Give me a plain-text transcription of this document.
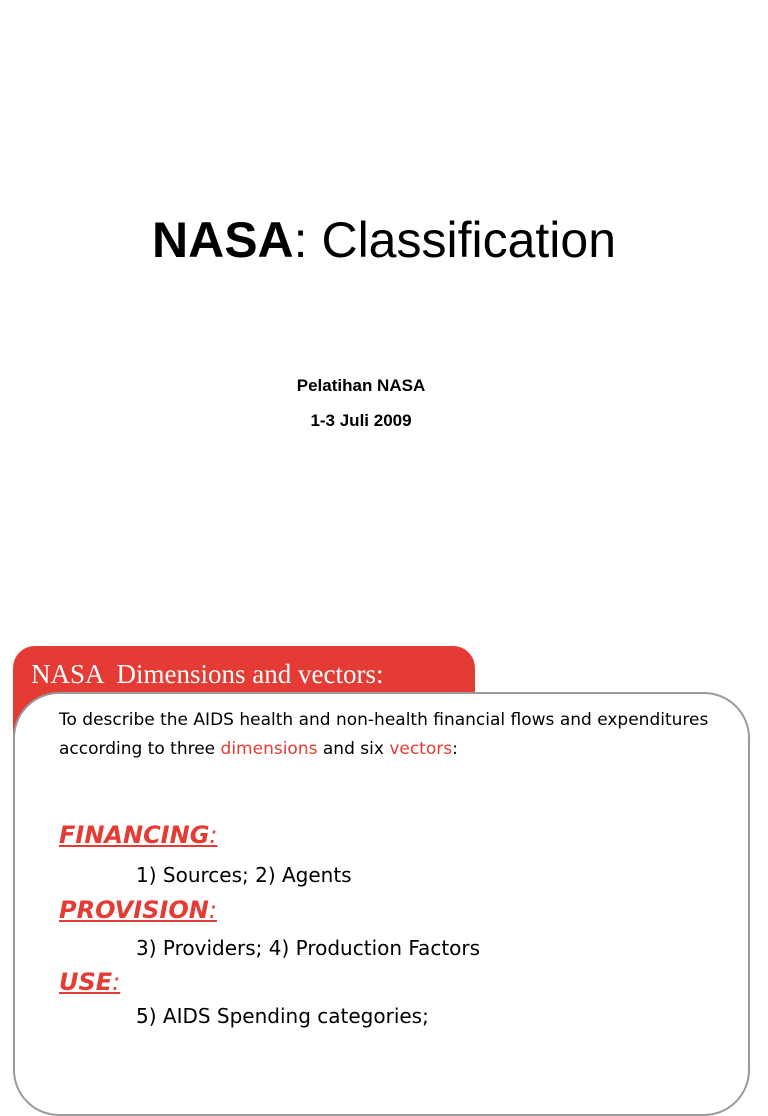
NASA: Classification
Pelatihan NASA
1-3 Juli 2009
NASA  Dimensions and vectors:
To describe the AIDS health and non-health financial flows and expenditures according to three dimensions and six vectors:
FINANCING:
1) Sources; 2) Agents
PROVISION:
3) Providers; 4) Production Factors
USE:
5) AIDS Spending categories;
